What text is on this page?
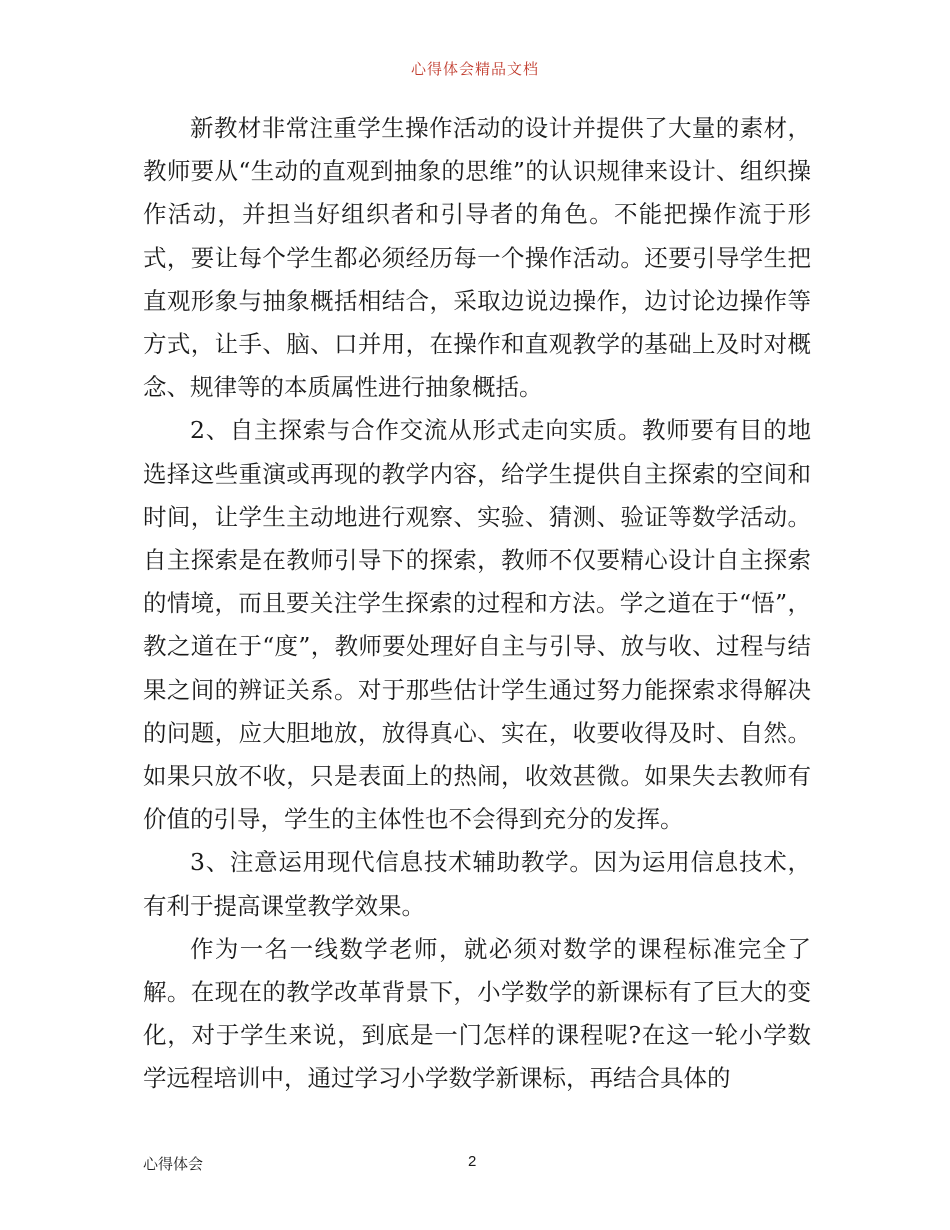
心得体会精品文档

新教材非常注重学生操作活动的设计并提供了大量的素材，教师要从“生动的直观到抽象的思维”的认识规律来设计、组织操作活动，并担当好组织者和引导者的角色。不能把操作流于形式，要让每个学生都必须经历每一个操作活动。还要引导学生把直观形象与抽象概括相结合，采取边说边操作，边讨论边操作等方式，让手、脑、口并用，在操作和直观教学的基础上及时对概念、规律等的本质属性进行抽象概括。

2、自主探索与合作交流从形式走向实质。教师要有目的地选择这些重演或再现的教学内容，给学生提供自主探索的空间和时间，让学生主动地进行观察、实验、猜测、验证等数学活动。自主探索是在教师引导下的探索，教师不仅要精心设计自主探索的情境，而且要关注学生探索的过程和方法。学之道在于“悟”，教之道在于“度”，教师要处理好自主与引导、放与收、过程与结果之间的辨证关系。对于那些估计学生通过努力能探索求得解决的问题，应大胆地放，放得真心、实在，收要收得及时、自然。如果只放不收，只是表面上的热闹，收效甚微。如果失去教师有价值的引导，学生的主体性也不会得到充分的发挥。

3、注意运用现代信息技术辅助教学。因为运用信息技术，有利于提高课堂教学效果。

作为一名一线数学老师，就必须对数学的课程标准完全了解。在现在的教学改革背景下，小学数学的新课标有了巨大的变化，对于学生来说，到底是一门怎样的课程呢?在这一轮小学数学远程培训中，通过学习小学数学新课标，再结合具体的

心得体会	2
